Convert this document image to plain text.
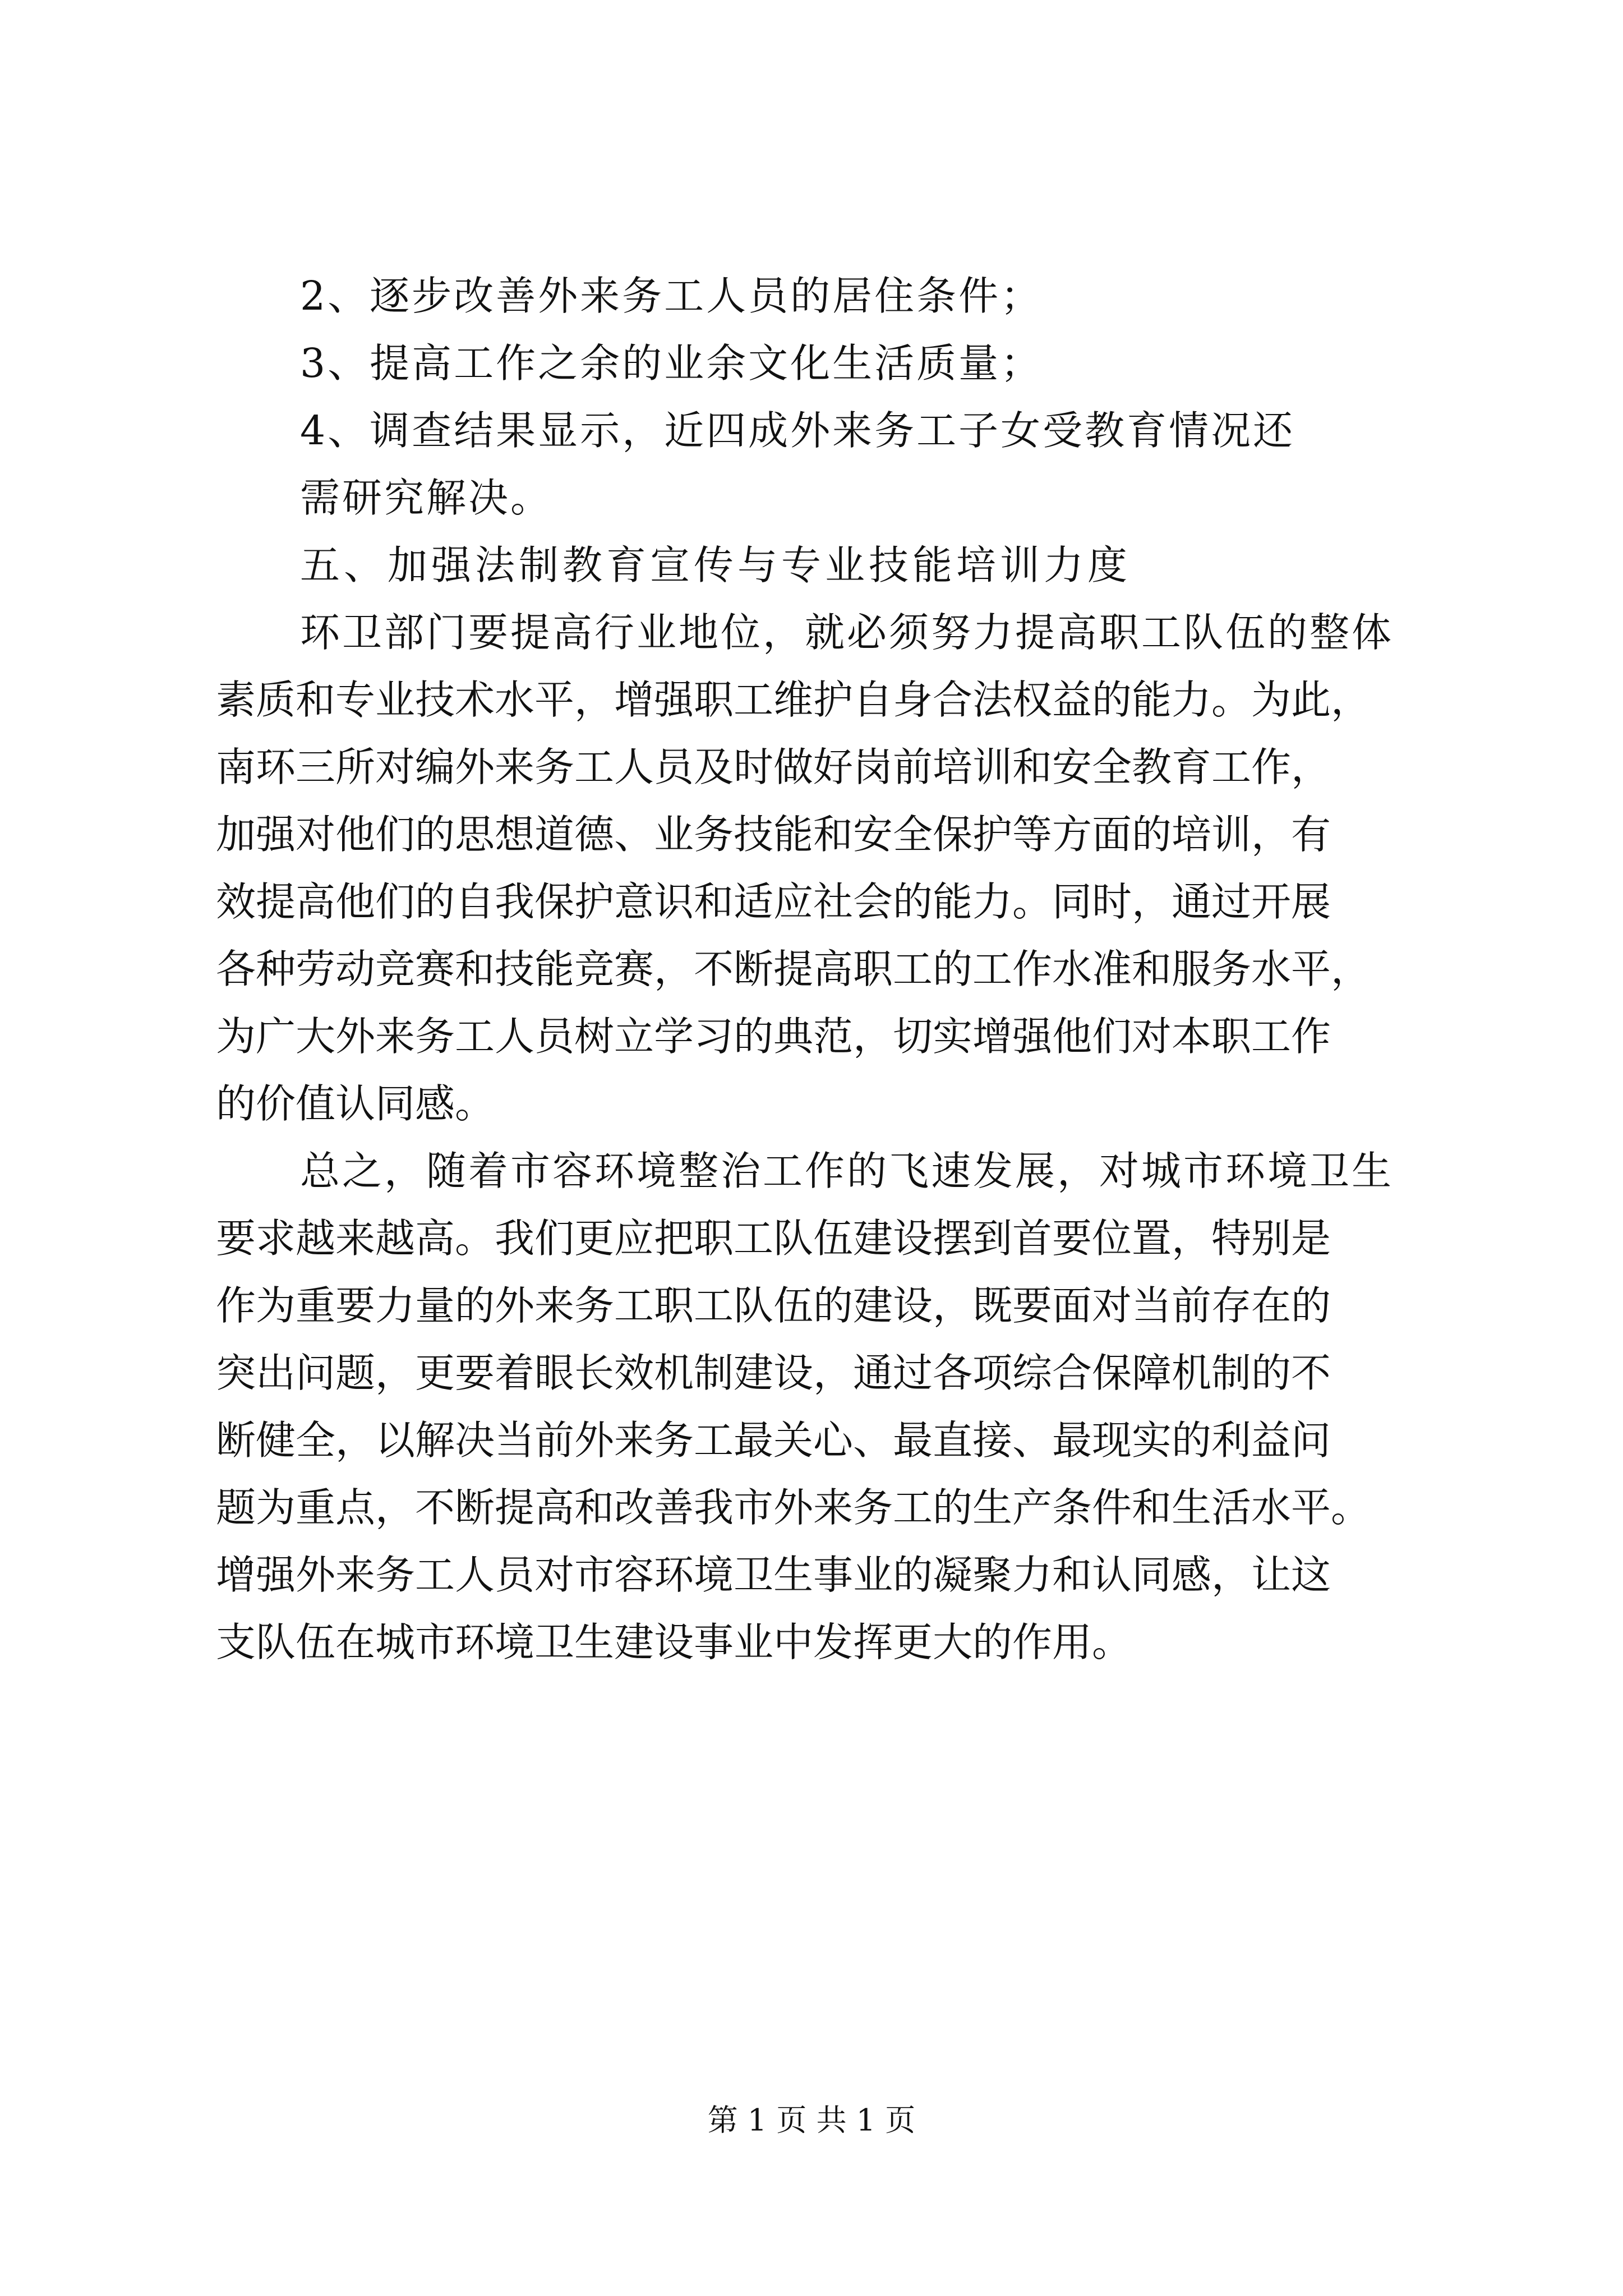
2、逐步改善外来务工人员的居住条件；
3、提高工作之余的业余文化生活质量；
4、调查结果显示，近四成外来务工子女受教育情况还
需研究解决。
五、加强法制教育宣传与专业技能培训力度
环卫部门要提高行业地位，就必须努力提高职工队伍的整体
素质和专业技术水平，增强职工维护自身合法权益的能力。为此，
南环三所对编外来务工人员及时做好岗前培训和安全教育工作，
加强对他们的思想道德、业务技能和安全保护等方面的培训，有
效提高他们的自我保护意识和适应社会的能力。同时，通过开展
各种劳动竞赛和技能竞赛，不断提高职工的工作水准和服务水平，
为广大外来务工人员树立学习的典范，切实增强他们对本职工作
的价值认同感。
总之，随着市容环境整治工作的飞速发展，对城市环境卫生
要求越来越高。我们更应把职工队伍建设摆到首要位置，特别是
作为重要力量的外来务工职工队伍的建设，既要面对当前存在的
突出问题，更要着眼长效机制建设，通过各项综合保障机制的不
断健全，以解决当前外来务工最关心、最直接、最现实的利益问
题为重点，不断提高和改善我市外来务工的生产条件和生活水平。
增强外来务工人员对市容环境卫生事业的凝聚力和认同感，让这
支队伍在城市环境卫生建设事业中发挥更大的作用。
第 1 页 共 1 页
